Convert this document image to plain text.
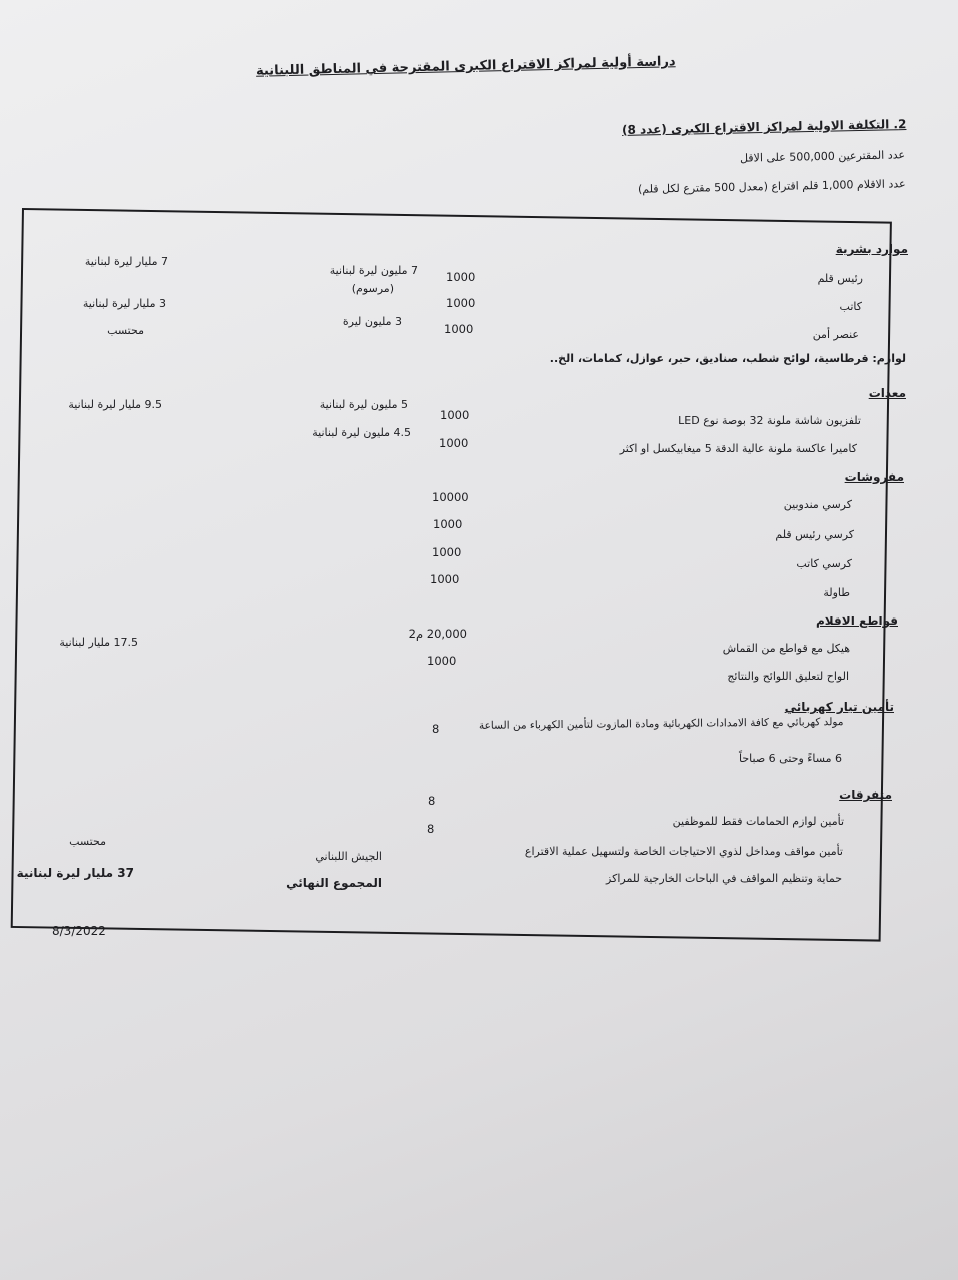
دراسة أولية لمراكز الاقتراع الكبرى المقترحة في المناطق اللبنانية
2. التكلفة الاولية لمراكز الاقتراع الكبرى (عدد 8)
عدد المقترعين 500,000 على الاقل
عدد الاقلام 1,000 قلم اقتراع (معدل 500 مقترع لكل قلم)
موارد بشرية
رئيس قلم
1000
7 مليون ليرة لبنانية
(مرسوم)
7 مليار ليرة لبنانية
كاتب
1000
3 مليار ليرة لبنانية
عنصر أمن
1000
3 مليون ليرة
محتسب
لوازم: قرطاسية، لوائح شطب، صناديق، حبر، عوازل، كمامات، الخ..
معدات
تلفزيون شاشة ملونة 32 بوصة نوع LED
1000
5 مليون ليرة لبنانية
9.5 مليار ليرة لبنانية
كاميرا عاكسة ملونة عالية الدقة 5 ميغابيكسل او اكثر
1000
4.5 مليون ليرة لبنانية
مفروشات
10000
كرسي مندوبين
1000
كرسي رئيس قلم
1000
كرسي كاتب
1000
طاولة
قواطع الاقلام
20,000 م2
17.5 مليار لبنانية	هيكل مع قواطع من القماش
1000
الواح لتعليق اللوائح والنتائج
تأمين تيار كهربائي
مولد كهربائي مع كافة الامدادات الكهربائية ومادة المازوت لتأمين الكهرباء من الساعة
8
6 مساءً وحتى 6 صباحاً
متفرقات
8
تأمين لوازم الحمامات فقط للموظفين
8
تأمين مواقف ومداخل لذوي الاحتياجات الخاصة ولتسهيل عملية الاقتراع
محتسب
الجيش اللبناني
حماية وتنظيم المواقف في الباحات الخارجية للمراكز
37 مليار ليرة لبنانية
المجموع النهائي
8/3/2022
